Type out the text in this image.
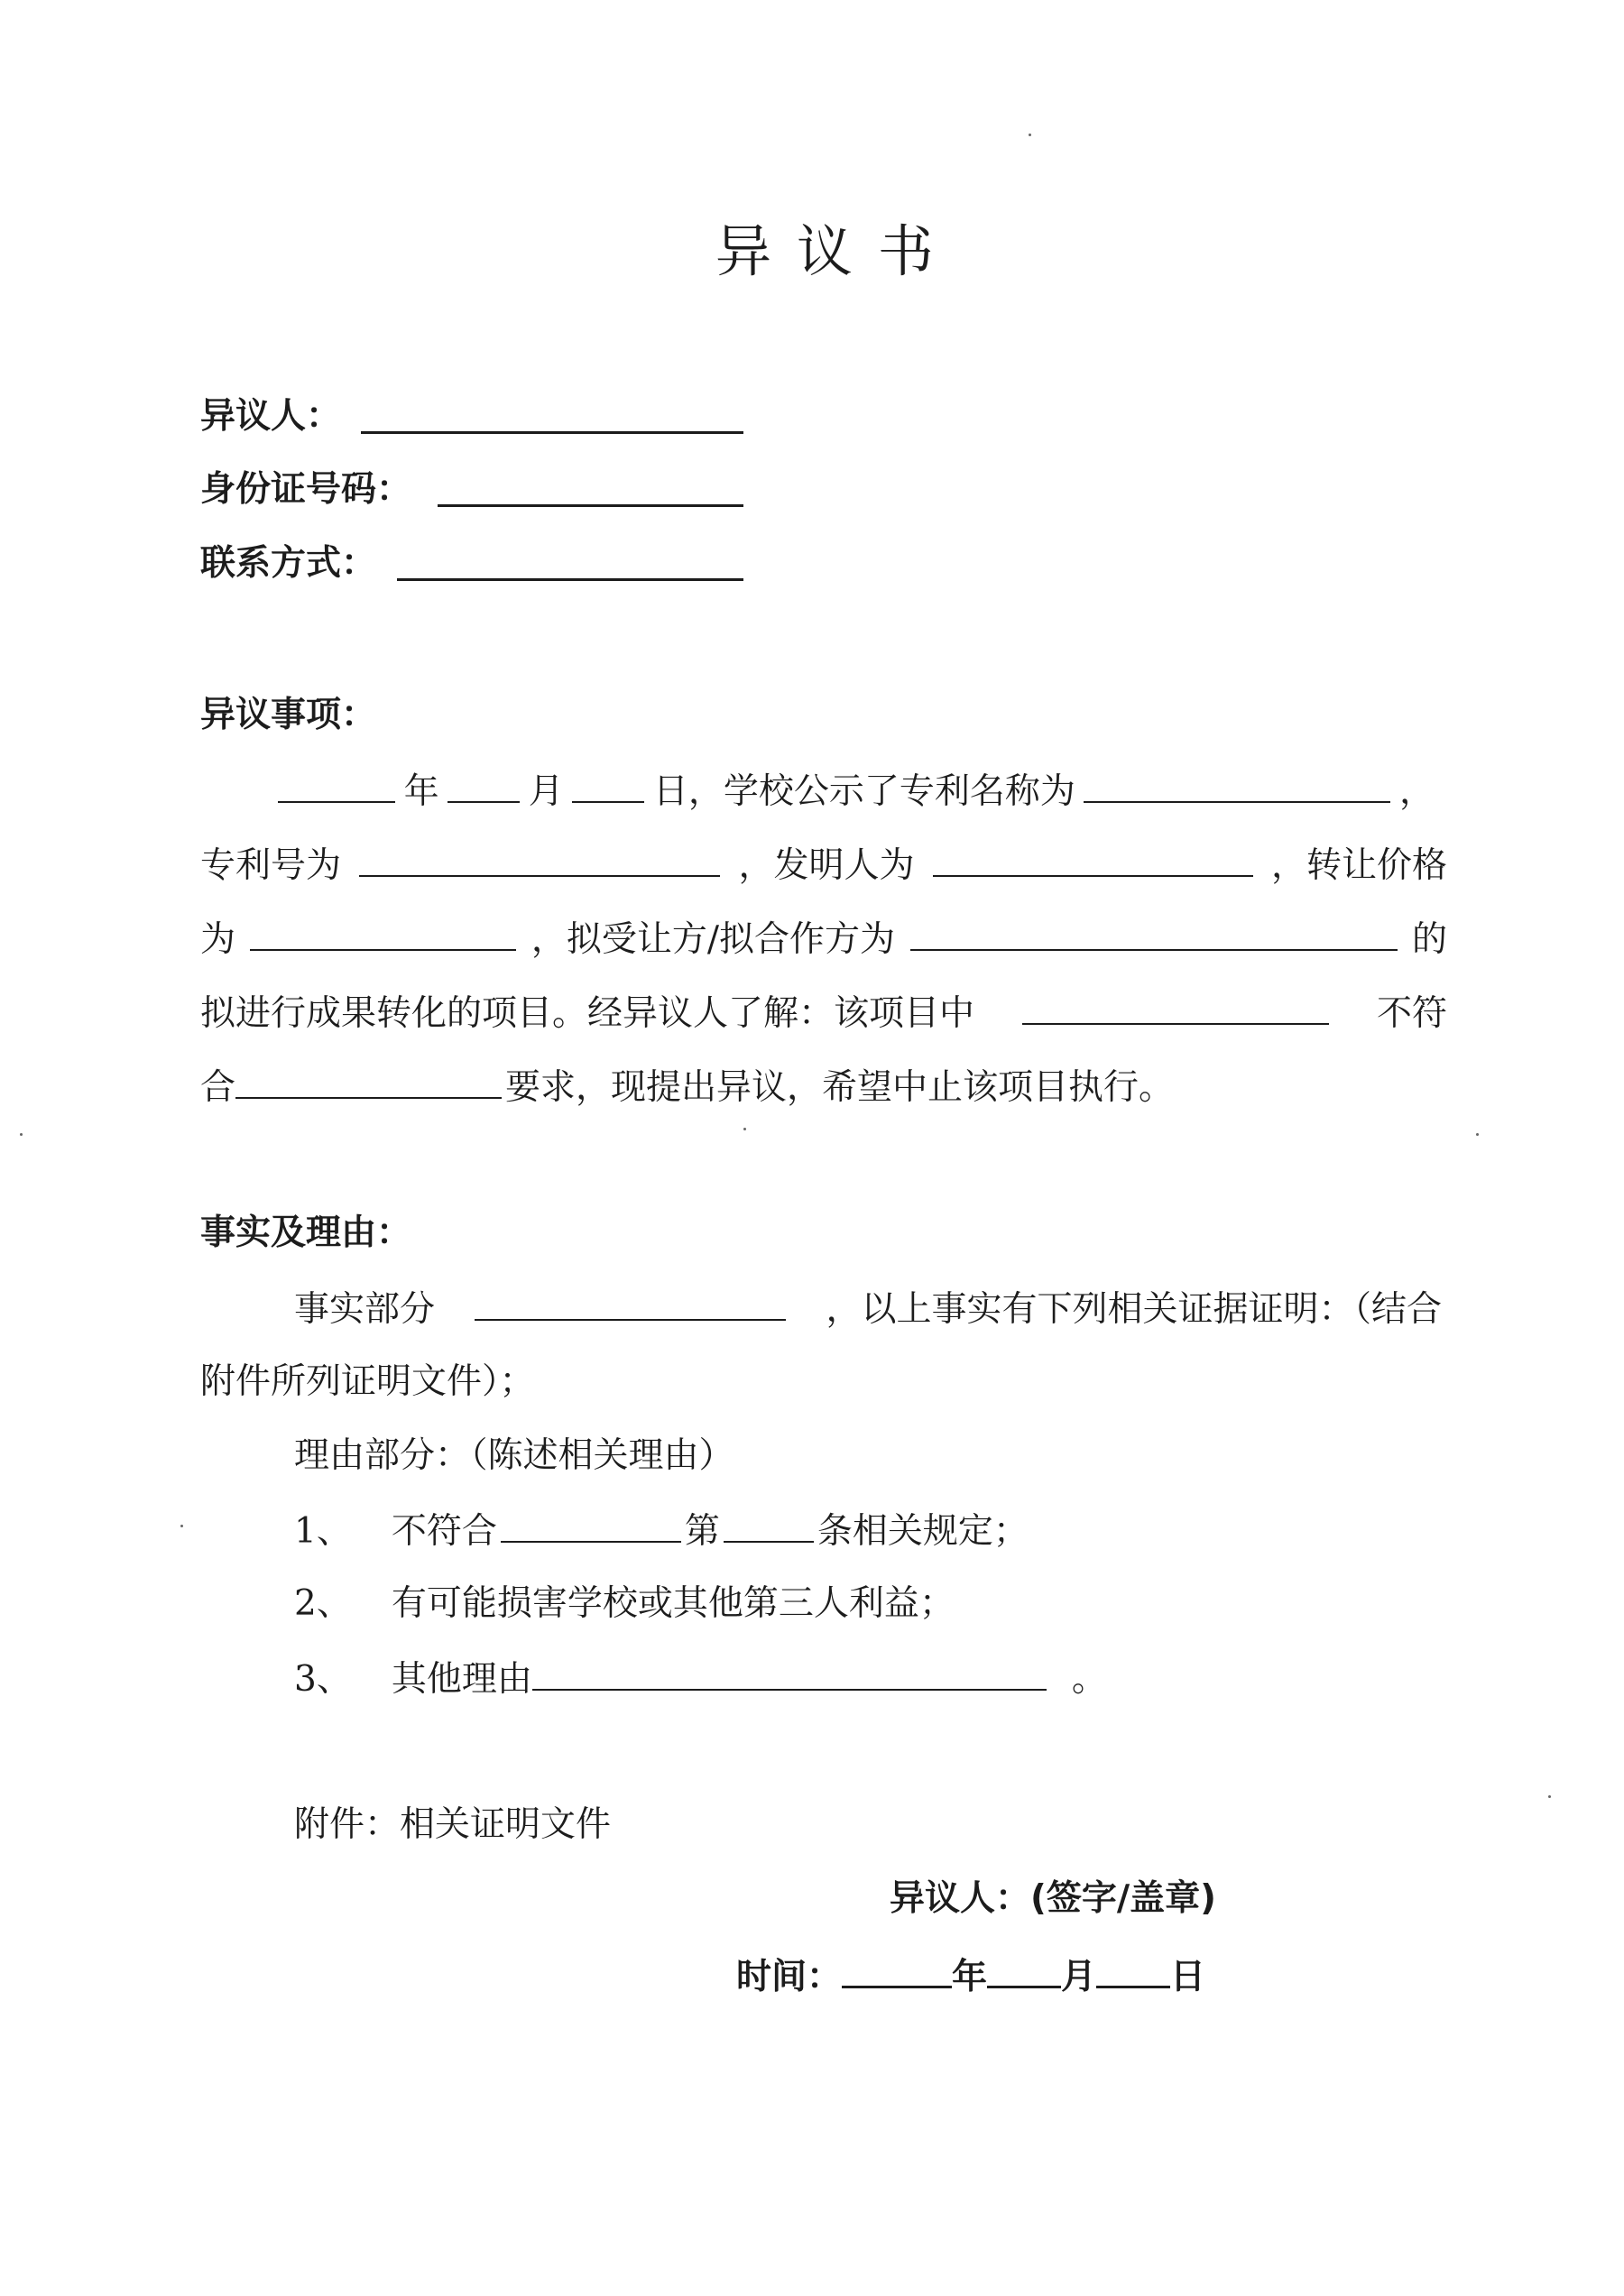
异议书
异议人：
身份证号码：
联系方式：
异议事项：
年	月	日，学校公示了专利名称为	，
专利号为	，发明人为	，转让价格
为	，拟受让方/拟合作方为	的
拟进行成果转化的项目。经异议人了解：该项目中	不符
合	要求，现提出异议，希望中止该项目执行。
事实及理由：
事实部分	，以上事实有下列相关证据证明：（结合
附件所列证明文件）；
理由部分：（陈述相关理由）
1、 不符合	第	条相关规定；
2、 有可能损害学校或其他第三人利益；
3、 其他理由	。
附件：相关证明文件
异议人：(签字/盖章)
时间：	年 月 日
